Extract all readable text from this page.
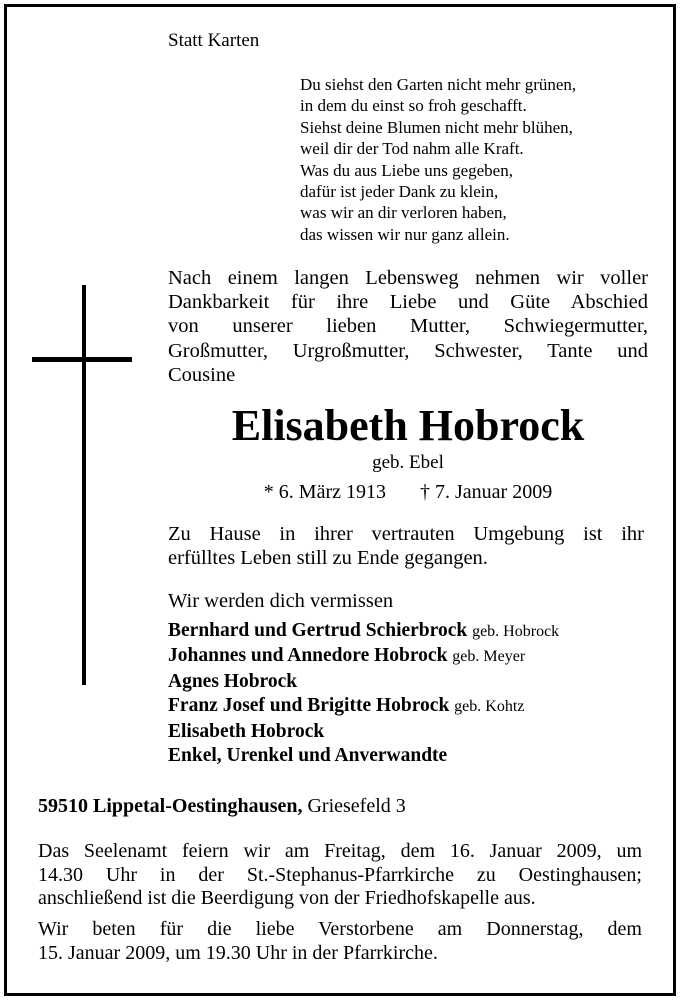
Statt Karten
Du siehst den Garten nicht mehr grünen,
in dem du einst so froh geschafft.
Siehst deine Blumen nicht mehr blühen,
weil dir der Tod nahm alle Kraft.
Was du aus Liebe uns gegeben,
dafür ist jeder Dank zu klein,
was wir an dir verloren haben,
das wissen wir nur ganz allein.
Nach einem langen Lebensweg nehmen wir voller
Dankbarkeit für ihre Liebe und Güte Abschied
von unserer lieben Mutter, Schwiegermutter,
Großmutter, Urgroßmutter, Schwester, Tante und
Cousine
Elisabeth Hobrock
geb. Ebel
* 6. März 1913 † 7. Januar 2009
Zu Hause in ihrer vertrauten Umgebung ist ihr
erfülltes Leben still zu Ende gegangen.
Wir werden dich vermissen
Bernhard und Gertrud Schierbrock geb. Hobrock
Johannes und Annedore Hobrock geb. Meyer
Agnes Hobrock
Franz Josef und Brigitte Hobrock geb. Kohtz
Elisabeth Hobrock
Enkel, Urenkel und Anverwandte
59510 Lippetal-Oestinghausen, Griesefeld 3
Das Seelenamt feiern wir am Freitag, dem 16. Januar 2009, um
14.30 Uhr in der St.-Stephanus-Pfarrkirche zu Oestinghausen;
anschließend ist die Beerdigung von der Friedhofskapelle aus.
Wir beten für die liebe Verstorbene am Donnerstag, dem
15. Januar 2009, um 19.30 Uhr in der Pfarrkirche.
